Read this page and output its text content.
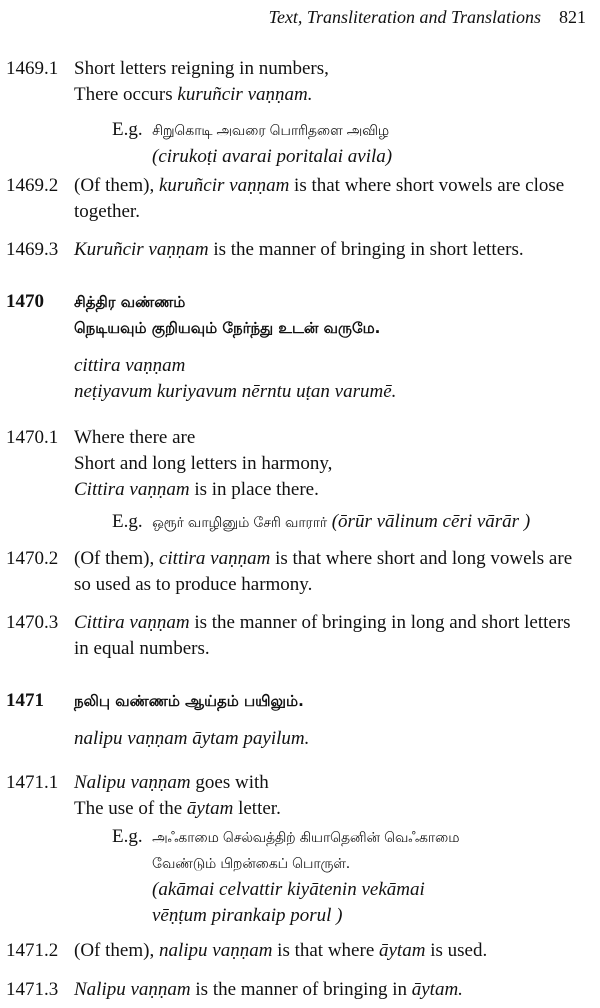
Text, Transliteration and Translations 821
1469.1 Short letters reigning in numbers,
There occurs kuruñcir vaṇṇam.
E.g. சிறுகொடி அவரை பொரிதளை அவிழ
(cirukoṭi avarai poritalai avila)
1469.2 (Of them), kuruñcir vaṇṇam is that where short vowels are close
together.
1469.3 Kuruñcir vaṇṇam is the manner of bringing in short letters.
1470 சித்திர வண்ணம்
நெடியவும் குறியவும் நேர்ந்து உடன் வருமே.
cittira vaṇṇam
neṭiyavum kuriyavum nērntu uṭan varumē.
1470.1 Where there are
Short and long letters in harmony,
Cittira vaṇṇam is in place there.
E.g. ஒரூர் வாழினும் சேரி வாரார் (ōrūr vālinum cēri vārār )
1470.2 (Of them), cittira vaṇṇam is that where short and long vowels are
so used as to produce harmony.
1470.3 Cittira vaṇṇam is the manner of bringing in long and short letters
in equal numbers.
1471 நலிபு வண்ணம் ஆய்தம் பயிலும்.
nalipu vaṇṇam āytam payilum.
1471.1 Nalipu vaṇṇam goes with
The use of the āytam letter.
E.g. அஃகாமை செல்வத்திற் கியாதெனின் வெஃகாமை
வேண்டும் பிறன்கைப் பொருள்.
(akāmai celvattir kiyātenin vekāmai
vēṇṭum pirankaip porul )
1471.2 (Of them), nalipu vaṇṇam is that where āytam is used.
1471.3 Nalipu vaṇṇam is the manner of bringing in āytam.
